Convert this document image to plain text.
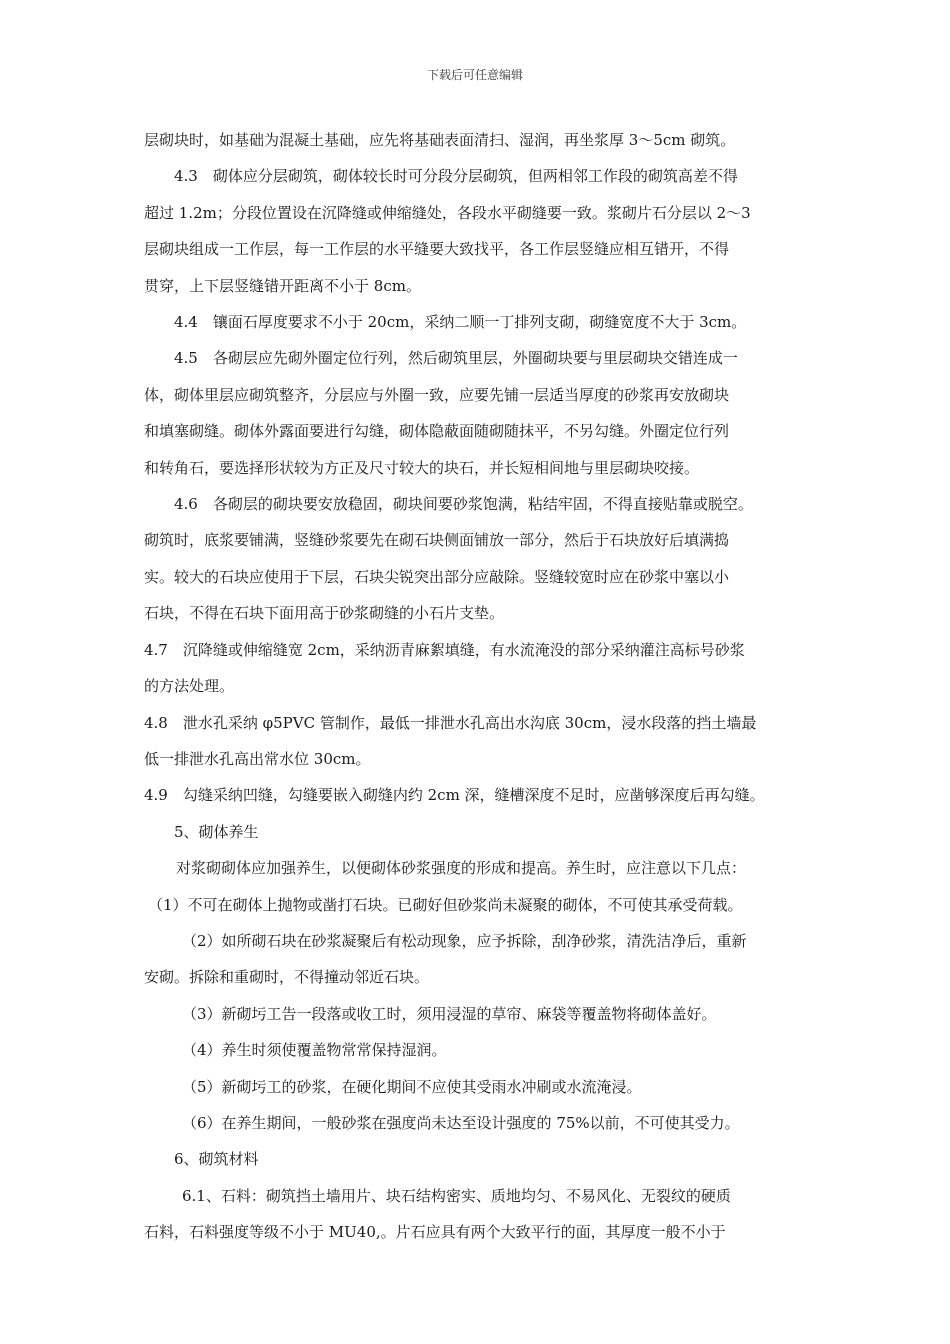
下载后可任意编辑

层砌块时，如基础为混凝土基础，应先将基础表面清扫、湿润，再坐浆厚 3～5cm 砌筑。

4.3　砌体应分层砌筑，砌体较长时可分段分层砌筑，但两相邻工作段的砌筑高差不得

超过 1.2m；分段位置设在沉降缝或伸缩缝处，各段水平砌缝要一致。浆砌片石分层以 2～3

层砌块组成一工作层，每一工作层的水平缝要大致找平，各工作层竖缝应相互错开，不得

贯穿，上下层竖缝错开距离不小于 8cm。

4.4　镶面石厚度要求不小于 20cm，采纳二顺一丁排列支砌，砌缝宽度不大于 3cm。

4.5　各砌层应先砌外圈定位行列，然后砌筑里层，外圈砌块要与里层砌块交错连成一

体，砌体里层应砌筑整齐，分层应与外圈一致，应要先铺一层适当厚度的砂浆再安放砌块

和填塞砌缝。砌体外露面要进行勾缝，砌体隐蔽面随砌随抹平，不另勾缝。外圈定位行列

和转角石，要选择形状较为方正及尺寸较大的块石，并长短相间地与里层砌块咬接。

4.6　各砌层的砌块要安放稳固，砌块间要砂浆饱满，粘结牢固，不得直接贴靠或脱空。

砌筑时，底浆要铺满，竖缝砂浆要先在砌石块侧面铺放一部分，然后于石块放好后填满捣

实。较大的石块应使用于下层，石块尖锐突出部分应敲除。竖缝较宽时应在砂浆中塞以小

石块，不得在石块下面用高于砂浆砌缝的小石片支垫。

4.7　沉降缝或伸缩缝宽 2cm，采纳沥青麻絮填缝，有水流淹没的部分采纳灌注高标号砂浆

的方法处理。

4.8　泄水孔采纳 φ5PVC 管制作，最低一排泄水孔高出水沟底 30cm，浸水段落的挡土墙最

低一排泄水孔高出常水位 30cm。

4.9　勾缝采纳凹缝，勾缝要嵌入砌缝内约 2cm 深，缝槽深度不足时，应凿够深度后再勾缝。

5、砌体养生

对浆砌砌体应加强养生，以便砌体砂浆强度的形成和提高。养生时，应注意以下几点：

（1）不可在砌体上抛物或凿打石块。已砌好但砂浆尚未凝聚的砌体，不可使其承受荷载。

（2）如所砌石块在砂浆凝聚后有松动现象，应予拆除，刮净砂浆，清洗洁净后，重新

安砌。拆除和重砌时，不得撞动邻近石块。

（3）新砌圬工告一段落或收工时，须用浸湿的草帘、麻袋等覆盖物将砌体盖好。

（4）养生时须使覆盖物常常保持湿润。

（5）新砌圬工的砂浆，在硬化期间不应使其受雨水冲刷或水流淹浸。

（6）在养生期间，一般砂浆在强度尚未达至设计强度的 75%以前，不可使其受力。

6、砌筑材料

6.1、石料：砌筑挡土墙用片、块石结构密实、质地均匀、不易风化、无裂纹的硬质

石料，石料强度等级不小于 MU40,。片石应具有两个大致平行的面，其厚度一般不小于
